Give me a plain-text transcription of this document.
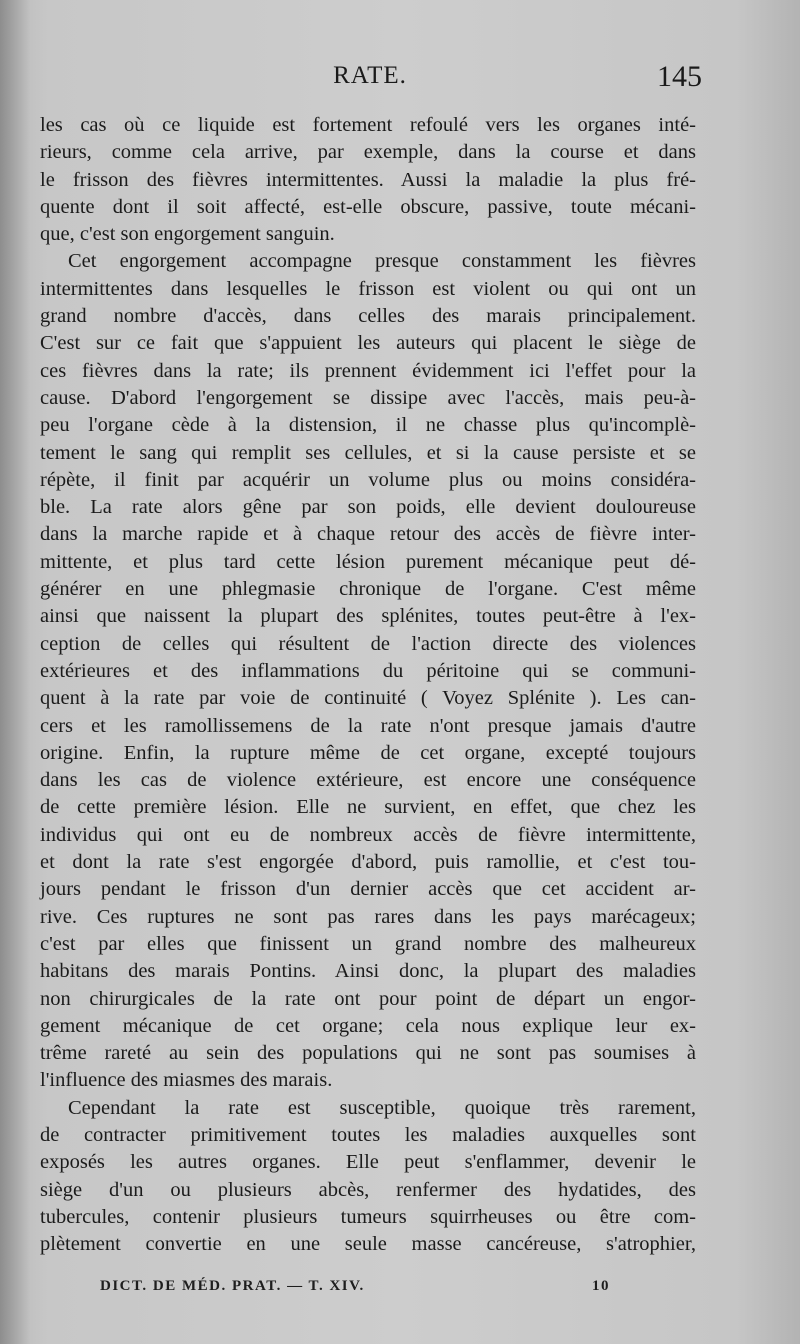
RATE.	145
les cas où ce liquide est fortement refoulé vers les organes inté-
rieurs, comme cela arrive, par exemple, dans la course et dans
le frisson des fièvres intermittentes. Aussi la maladie la plus fré-
quente dont il soit affecté, est-elle obscure, passive, toute mécani-
que, c'est son engorgement sanguin.
Cet engorgement accompagne presque constamment les fièvres
intermittentes dans lesquelles le frisson est violent ou qui ont un
grand nombre d'accès, dans celles des marais principalement.
C'est sur ce fait que s'appuient les auteurs qui placent le siège de
ces fièvres dans la rate; ils prennent évidemment ici l'effet pour la
cause. D'abord l'engorgement se dissipe avec l'accès, mais peu-à-
peu l'organe cède à la distension, il ne chasse plus qu'incomplè-
tement le sang qui remplit ses cellules, et si la cause persiste et se
répète, il finit par acquérir un volume plus ou moins considéra-
ble. La rate alors gêne par son poids, elle devient douloureuse
dans la marche rapide et à chaque retour des accès de fièvre inter-
mittente, et plus tard cette lésion purement mécanique peut dé-
générer en une phlegmasie chronique de l'organe. C'est même
ainsi que naissent la plupart des splénites, toutes peut-être à l'ex-
ception de celles qui résultent de l'action directe des violences
extérieures et des inflammations du péritoine qui se communi-
quent à la rate par voie de continuité ( Voyez Splénite ). Les can-
cers et les ramollissemens de la rate n'ont presque jamais d'autre
origine. Enfin, la rupture même de cet organe, excepté toujours
dans les cas de violence extérieure, est encore une conséquence
de cette première lésion. Elle ne survient, en effet, que chez les
individus qui ont eu de nombreux accès de fièvre intermittente,
et dont la rate s'est engorgée d'abord, puis ramollie, et c'est tou-
jours pendant le frisson d'un dernier accès que cet accident ar-
rive. Ces ruptures ne sont pas rares dans les pays marécageux;
c'est par elles que finissent un grand nombre des malheureux
habitans des marais Pontins. Ainsi donc, la plupart des maladies
non chirurgicales de la rate ont pour point de départ un engor-
gement mécanique de cet organe; cela nous explique leur ex-
trême rareté au sein des populations qui ne sont pas soumises à
l'influence des miasmes des marais.
Cependant la rate est susceptible, quoique très rarement,
de contracter primitivement toutes les maladies auxquelles sont
exposés les autres organes. Elle peut s'enflammer, devenir le
siège d'un ou plusieurs abcès, renfermer des hydatides, des
tubercules, contenir plusieurs tumeurs squirrheuses ou être com-
plètement convertie en une seule masse cancéreuse, s'atrophier,
DICT. DE MÉD. PRAT. — T. XIV.	10
